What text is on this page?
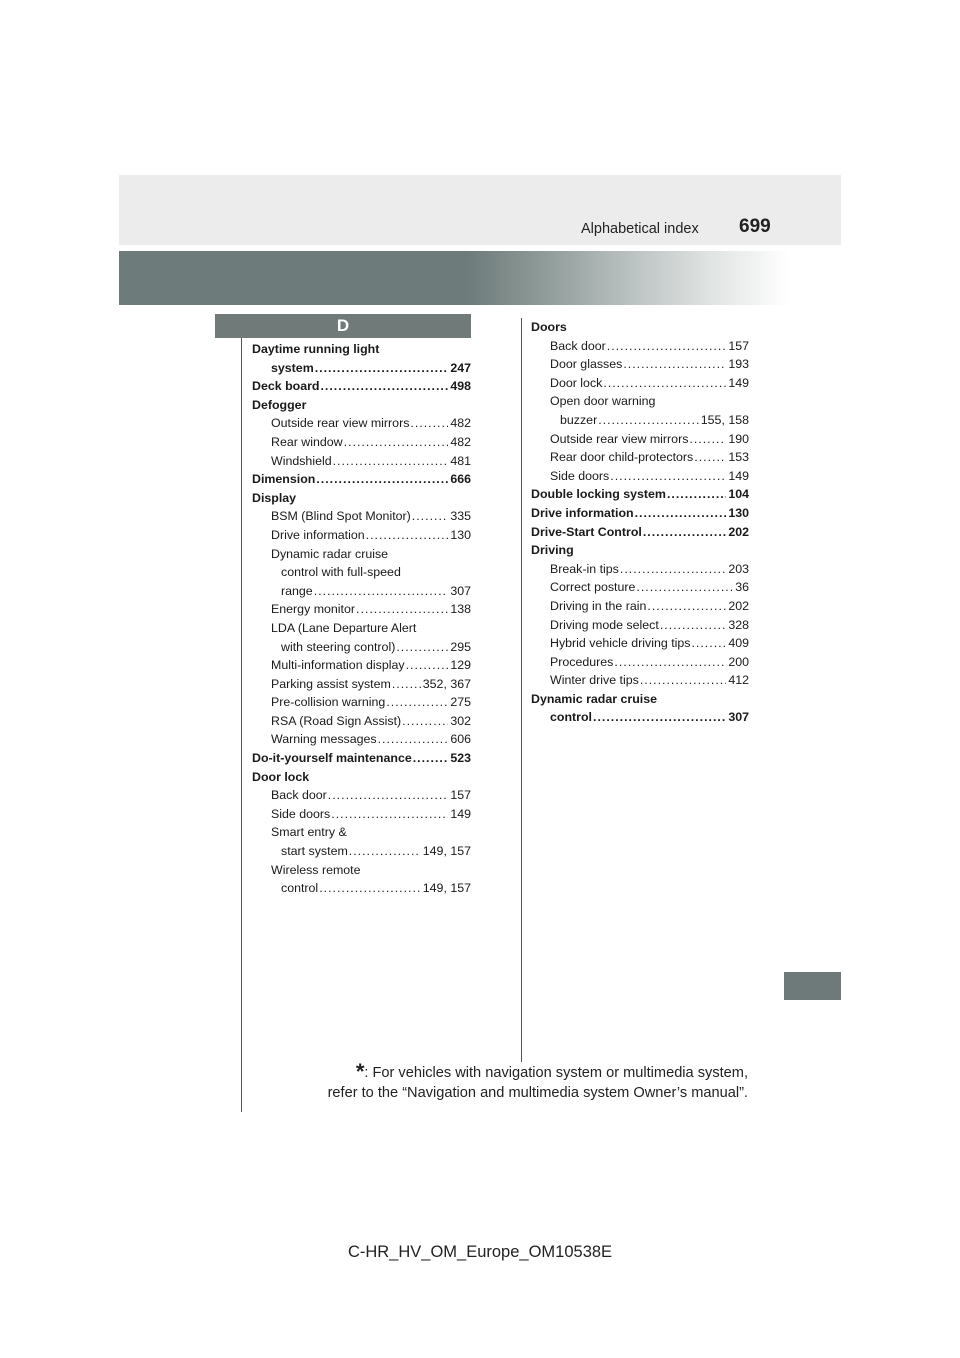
Alphabetical index 699
D
Daytime running light
system .....	247
Deck board .....	498
Defogger
Outside rear view mirrors .....	482
Rear window .....	482
Windshield .....	481
Dimension .....	666
Display
BSM (Blind Spot Monitor) .....	335
Drive information .....	130
Dynamic radar cruise
control with full-speed
range .....	307
Energy monitor .....	138
LDA (Lane Departure Alert
with steering control) .....	295
Multi-information display .....	129
Parking assist system .....	352, 367
Pre-collision warning .....	275
RSA (Road Sign Assist) .....	302
Warning messages .....	606
Do-it-yourself maintenance .....	523
Door lock
Back door .....	157
Side doors .....	149
Smart entry &
start system .....	149, 157
Wireless remote
control .....	149, 157
Doors
Back door .....	157
Door glasses .....	193
Door lock .....	149
Open door warning
buzzer .....	155, 158
Outside rear view mirrors .....	190
Rear door child-protectors .....	153
Side doors .....	149
Double locking system .....	104
Drive information .....	130
Drive-Start Control .....	202
Driving
Break-in tips .....	203
Correct posture .....	36
Driving in the rain .....	202
Driving mode select .....	328
Hybrid vehicle driving tips .....	409
Procedures .....	200
Winter drive tips .....	412
Dynamic radar cruise
control .....	307
*: For vehicles with navigation system or multimedia system,
refer to the “Navigation and multimedia system Owner’s manual”.
C-HR_HV_OM_Europe_OM10538E
